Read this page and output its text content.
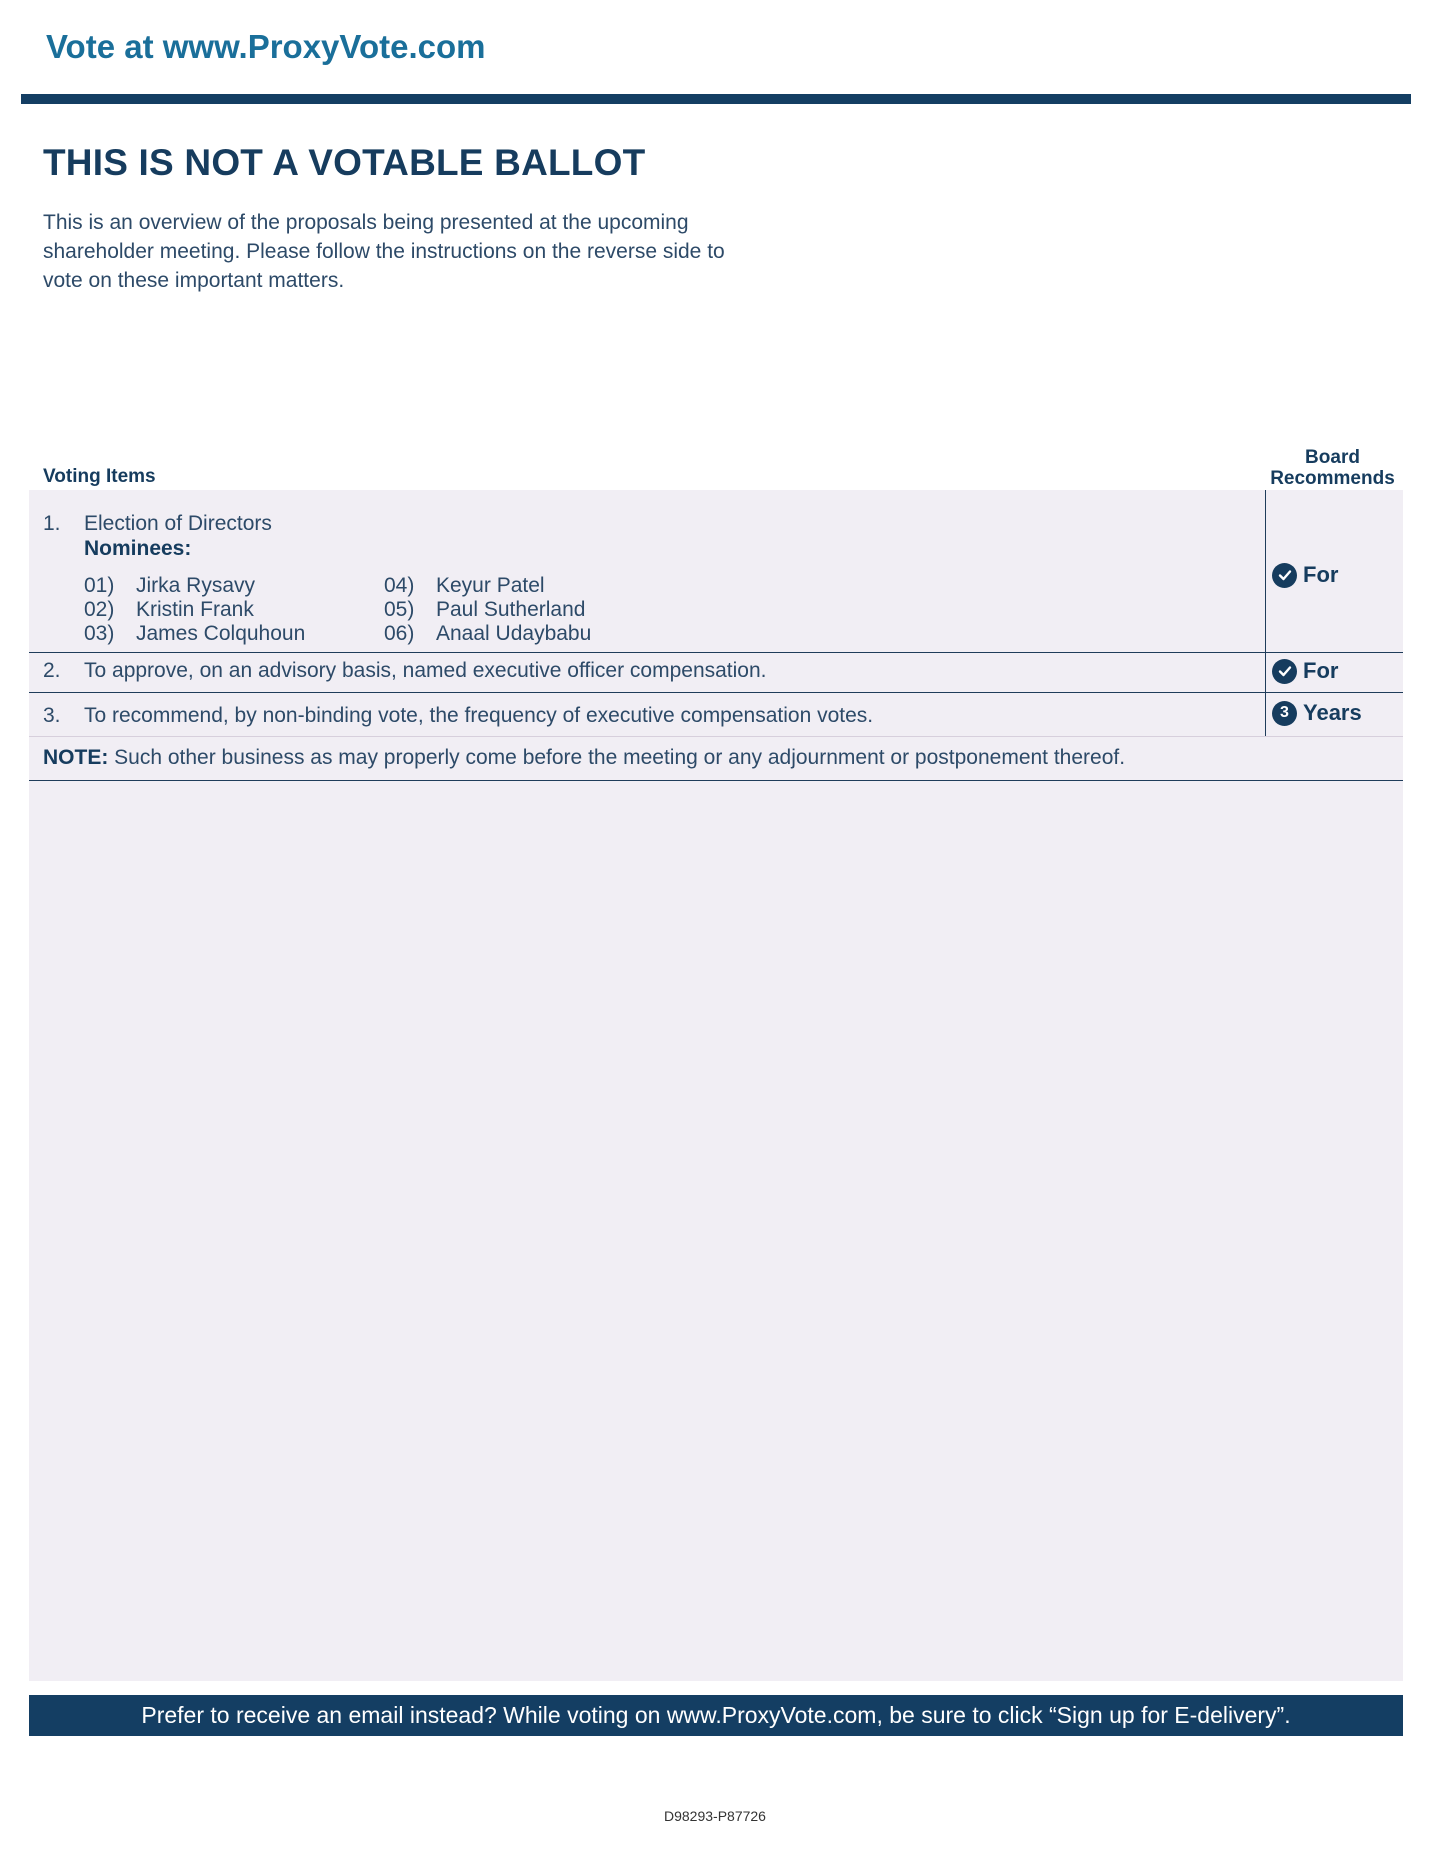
Vote at www.ProxyVote.com
THIS IS NOT A VOTABLE BALLOT
This is an overview of the proposals being presented at the upcoming shareholder meeting. Please follow the instructions on the reverse side to vote on these important matters.
Voting Items
Board Recommends
1. Election of Directors
Nominees:
01) Jirka Rysavy
02) Kristin Frank
03) James Colquhoun
04) Keyur Patel
05) Paul Sutherland
06) Anaal Udaybabu
For
2. To approve, on an advisory basis, named executive officer compensation.	For
3. To recommend, by non-binding vote, the frequency of executive compensation votes.	3 Years
NOTE: Such other business as may properly come before the meeting or any adjournment or postponement thereof.
Prefer to receive an email instead? While voting on www.ProxyVote.com, be sure to click “Sign up for E-delivery”.
D98293-P87726
